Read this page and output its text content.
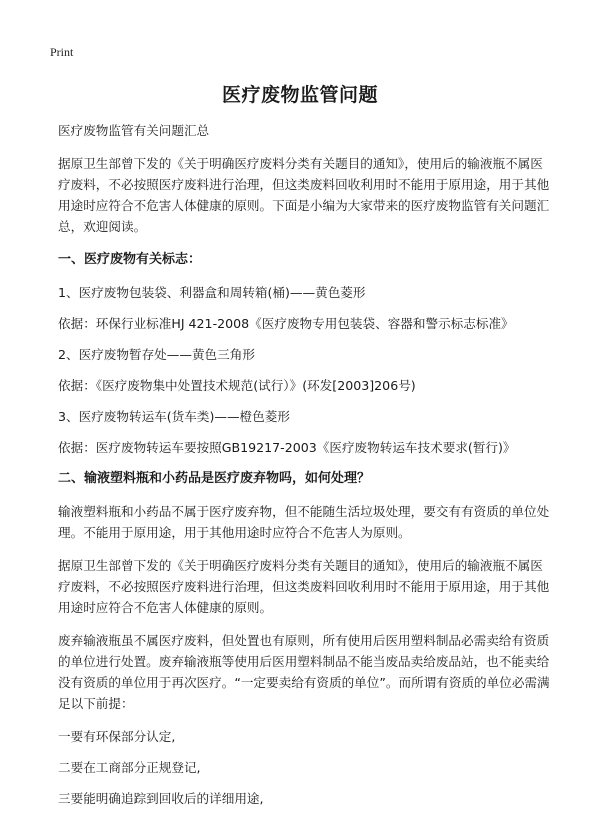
Print
医疗废物监管问题

医疗废物监管有关问题汇总

据原卫生部曾下发的《关于明确医疗废料分类有关题目的通知》，使用后的输液瓶不属医疗废料，不必按照医疗废料进行治理，但这类废料回收利用时不能用于原用途，用于其他用途时应符合不危害人体健康的原则。下面是小编为大家带来的医疗废物监管有关问题汇总，欢迎阅读。

一、医疗废物有关标志：

1、医疗废物包装袋、利器盒和周转箱(桶)——黄色菱形

依据：环保行业标准HJ 421-2008《医疗废物专用包装袋、容器和警示标志标准》

2、医疗废物暂存处——黄色三角形

依据：《医疗废物集中处置技术规范(试行）》(环发[2003]206号)

3、医疗废物转运车(货车类)——橙色菱形

依据：医疗废物转运车要按照GB19217-2003《医疗废物转运车技术要求(暂行)》

二、输液塑料瓶和小药品是医疗废弃物吗，如何处理？

输液塑料瓶和小药品不属于医疗废弃物，但不能随生活垃圾处理，要交有有资质的单位处理。不能用于原用途，用于其他用途时应符合不危害人为原则。

据原卫生部曾下发的《关于明确医疗废料分类有关题目的通知》，使用后的输液瓶不属医疗废料，不必按照医疗废料进行治理，但这类废料回收利用时不能用于原用途，用于其他用途时应符合不危害人体健康的原则。

废弃输液瓶虽不属医疗废料，但处置也有原则，所有使用后医用塑料制品必需卖给有资质的单位进行处置。废弃输液瓶等使用后医用塑料制品不能当废品卖给废品站，也不能卖给没有资质的单位用于再次医疗。“一定要卖给有资质的单位”。而所谓有资质的单位必需满足以下前提：

一要有环保部分认定,

二要在工商部分正规登记,

三要能明确追踪到回收后的详细用途,
